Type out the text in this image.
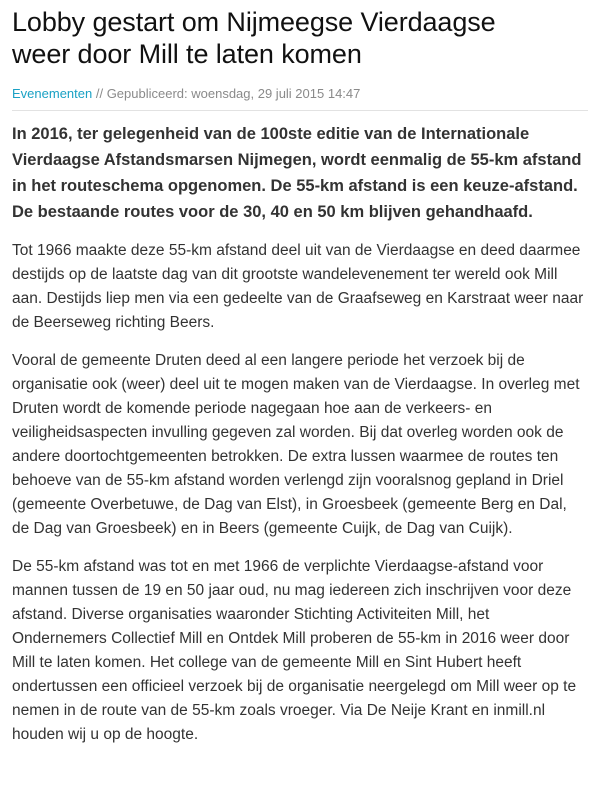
Lobby gestart om Nijmeegse Vierdaagse
weer door Mill te laten komen
Evenementen // Gepubliceerd: woensdag, 29 juli 2015 14:47

In 2016, ter gelegenheid van de 100ste editie van de Internationale Vierdaagse Afstandsmarsen Nijmegen, wordt eenmalig de 55-km afstand in het routeschema opgenomen. De 55-km afstand is een keuze-afstand. De bestaande routes voor de 30, 40 en 50 km blijven gehandhaafd.

Tot 1966 maakte deze 55-km afstand deel uit van de Vierdaagse en deed daarmee destijds op de laatste dag van dit grootste wandelevenement ter wereld ook Mill aan. Destijds liep men via een gedeelte van de Graafseweg en Karstraat weer naar de Beerseweg richting Beers.

Vooral de gemeente Druten deed al een langere periode het verzoek bij de organisatie ook (weer) deel uit te mogen maken van de Vierdaagse. In overleg met Druten wordt de komende periode nagegaan hoe aan de verkeers- en veiligheidsaspecten invulling gegeven zal worden. Bij dat overleg worden ook de andere doortochtgemeenten betrokken. De extra lussen waarmee de routes ten behoeve van de 55-km afstand worden verlengd zijn vooralsnog gepland in Driel (gemeente Overbetuwe, de Dag van Elst), in Groesbeek (gemeente Berg en Dal, de Dag van Groesbeek) en in Beers (gemeente Cuijk, de Dag van Cuijk).

De 55-km afstand was tot en met 1966 de verplichte Vierdaagse-afstand voor mannen tussen de 19 en 50 jaar oud, nu mag iedereen zich inschrijven voor deze afstand. Diverse organisaties waaronder Stichting Activiteiten Mill, het Ondernemers Collectief Mill en Ontdek Mill proberen de 55-km in 2016 weer door Mill te laten komen. Het college van de gemeente Mill en Sint Hubert heeft ondertussen een officieel verzoek bij de organisatie neergelegd om Mill weer op te nemen in de route van de 55-km zoals vroeger. Via De Neije Krant en inmill.nl houden wij u op de hoogte.
